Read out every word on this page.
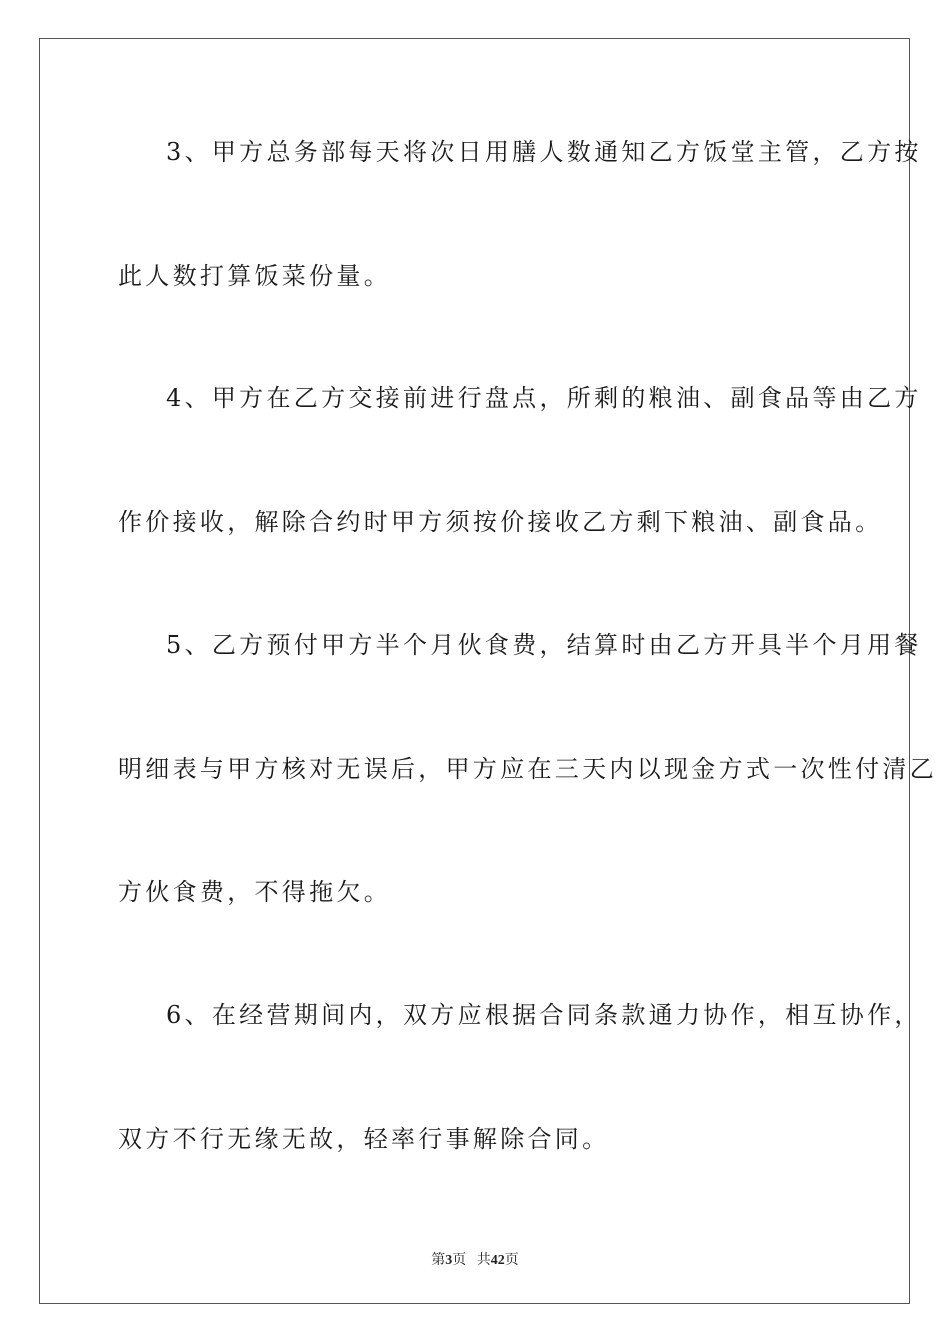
3、甲方总务部每天将次日用膳人数通知乙方饭堂主管，乙方按
此人数打算饭菜份量。
4、甲方在乙方交接前进行盘点，所剩的粮油、副食品等由乙方
作价接收，解除合约时甲方须按价接收乙方剩下粮油、副食品。
5、乙方预付甲方半个月伙食费，结算时由乙方开具半个月用餐
明细表与甲方核对无误后，甲方应在三天内以现金方式一次性付清乙
方伙食费，不得拖欠。
6、在经营期间内，双方应根据合同条款通力协作，相互协作，
双方不行无缘无故，轻率行事解除合同。
第3页 共42页
